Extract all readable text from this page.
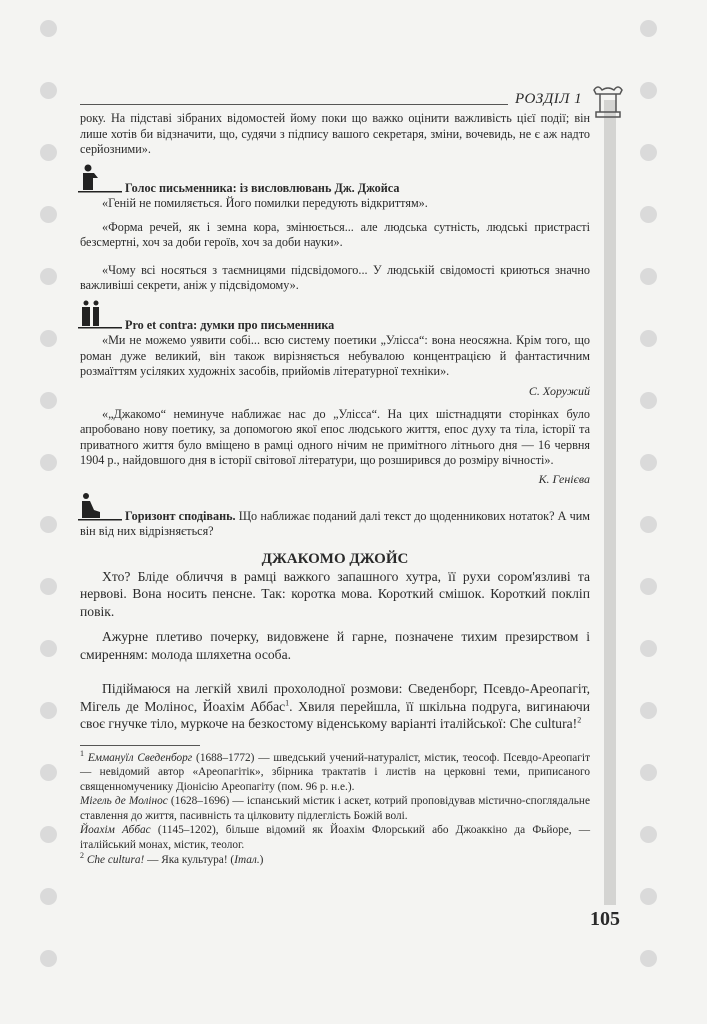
РОЗДІЛ 1

року. На підставі зібраних відомостей йому поки що важко оцінити важливість цієї події; він лише хотів би відзначити, що, судячи з підпису вашого секретаря, зміни, вочевидь, не є аж надто серйозними».

Голос письменника: із висловлювань Дж. Джойса

«Геній не помиляється. Його помилки передують відкриттям».

«Форма речей, як і земна кора, змінюється... але людська сутність, людські пристрасті безсмертні, хоч за доби героїв, хоч за доби науки».

«Чому всі носяться з таємницями підсвідомого... У людській свідомості криються значно важливіші секрети, аніж у підсвідомому».

Pro et contra: думки про письменника

«Ми не можемо уявити собі... всю систему поетики „Улісса“: вона неосяжна. Крім того, що роман дуже великий, він також вирізняється небувалою концентрацією й фантастичним розмаїттям усіляких художніх засобів, прийомів літературної техніки».

С. Хоружий

«„Джакомо“ неминуче наближає нас до „Улісса“. На цих шістнадцяти сторінках було апробовано нову поетику, за допомогою якої епос людського життя, епос духу та тіла, історії та приватного життя було вміщено в рамці одного нічим не примітного літнього дня — 16 червня 1904 р., найдовшого дня в історії світової літератури, що розширився до розміру вічності».

К. Генієва

Горизонт сподівань. Що наближає поданий далі текст до щоденникових нотаток? А чим він від них відрізняється?

ДЖАКОМО ДЖОЙС

Хто? Бліде обличчя в рамці важкого запашного хутра, її рухи сором'язливі та нервові. Вона носить пенсне. Так: коротка мова. Короткий смішок. Короткий поклiп повік.

Ажурне плетиво почерку, видовжене й гарне, позначене тихим презирством і смиренням: молода шляхетна особа.

Підіймаюся на легкій хвилі прохолодної розмови: Сведенборг, Псевдо-Ареопагіт, Мігель де Молінос, Йоахім Аббас$^1$. Хвиля перейшла, її шкільна подруга, вигинаючи своє гнучке тіло, муркоче на безкостому віденському варіанті італійської: Che cultura!$^2$

$^1$ Еммануїл Сведенборг (1688–1772) — шведський учений-натураліст, містик, теософ. Псевдо-Ареопагіт — невідомий автор «Ареопагітік», збірника трактатів і листів на церковні теми, приписаного священномученику Діонісію Ареопагіту (пом. 96 р. н.е.).
Мігель де Молінос (1628–1696) — іспанський містик і аскет, котрий проповідував містично-споглядальне ставлення до життя, пасивність та цілковиту підлеглість Божій волі.
Йоахім Аббас (1145–1202), більше відомий як Йоахім Флорський або Джоаккіно да Фьйоре, — італійський монах, містик, теолог.
$^2$ Che cultura! — Яка культура! (Італ.)
105
